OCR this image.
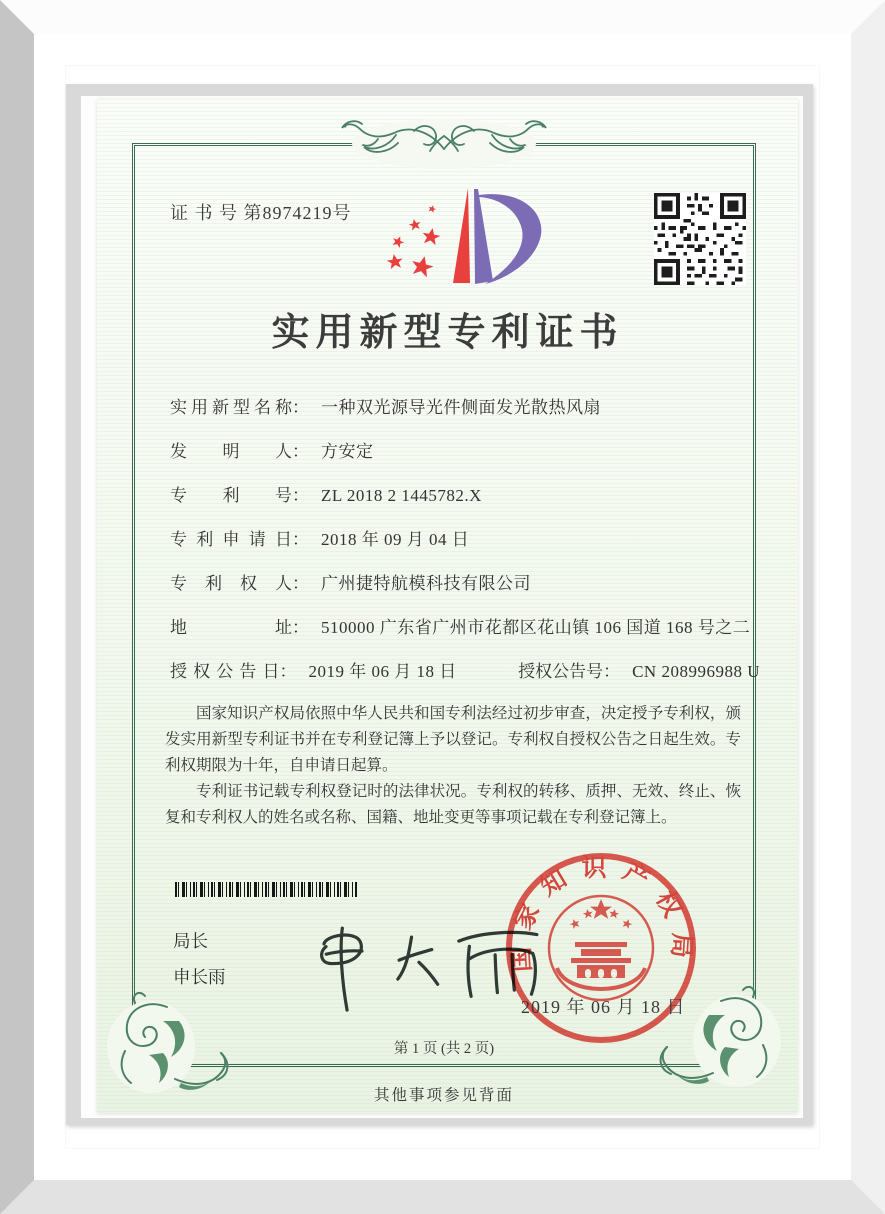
证 书 号 第8974219号
实用新型专利证书
实用新型名称 ： 一种双光源导光件侧面发光散热风扇
发明人 ： 方安定
专利号 ： ZL 2018 2 1445782.X
专利申请日 ： 2018 年 09 月 04 日
专利权人 ： 广州捷特航模科技有限公司
地址 ： 510000 广东省广州市花都区花山镇 106 国道 168 号之二
授权公告日 ： 2019 年 06 月 18 日	授权公告号 ： CN 208996988 U

国家知识产权局依照中华人民共和国专利法经过初步审查，决定授予专利权，颁发实用新型专利证书并在专利登记簿上予以登记。专利权自授权公告之日起生效。专利权期限为十年，自申请日起算。

专利证书记载专利权登记时的法律状况。专利权的转移、质押、无效、终止、恢复和专利权人的姓名或名称、国籍、地址变更等事项记载在专利登记簿上。

局长
申长雨
国家知识产权局
2019 年 06 月 18 日
第 1 页 (共 2 页)
其他事项参见背面
